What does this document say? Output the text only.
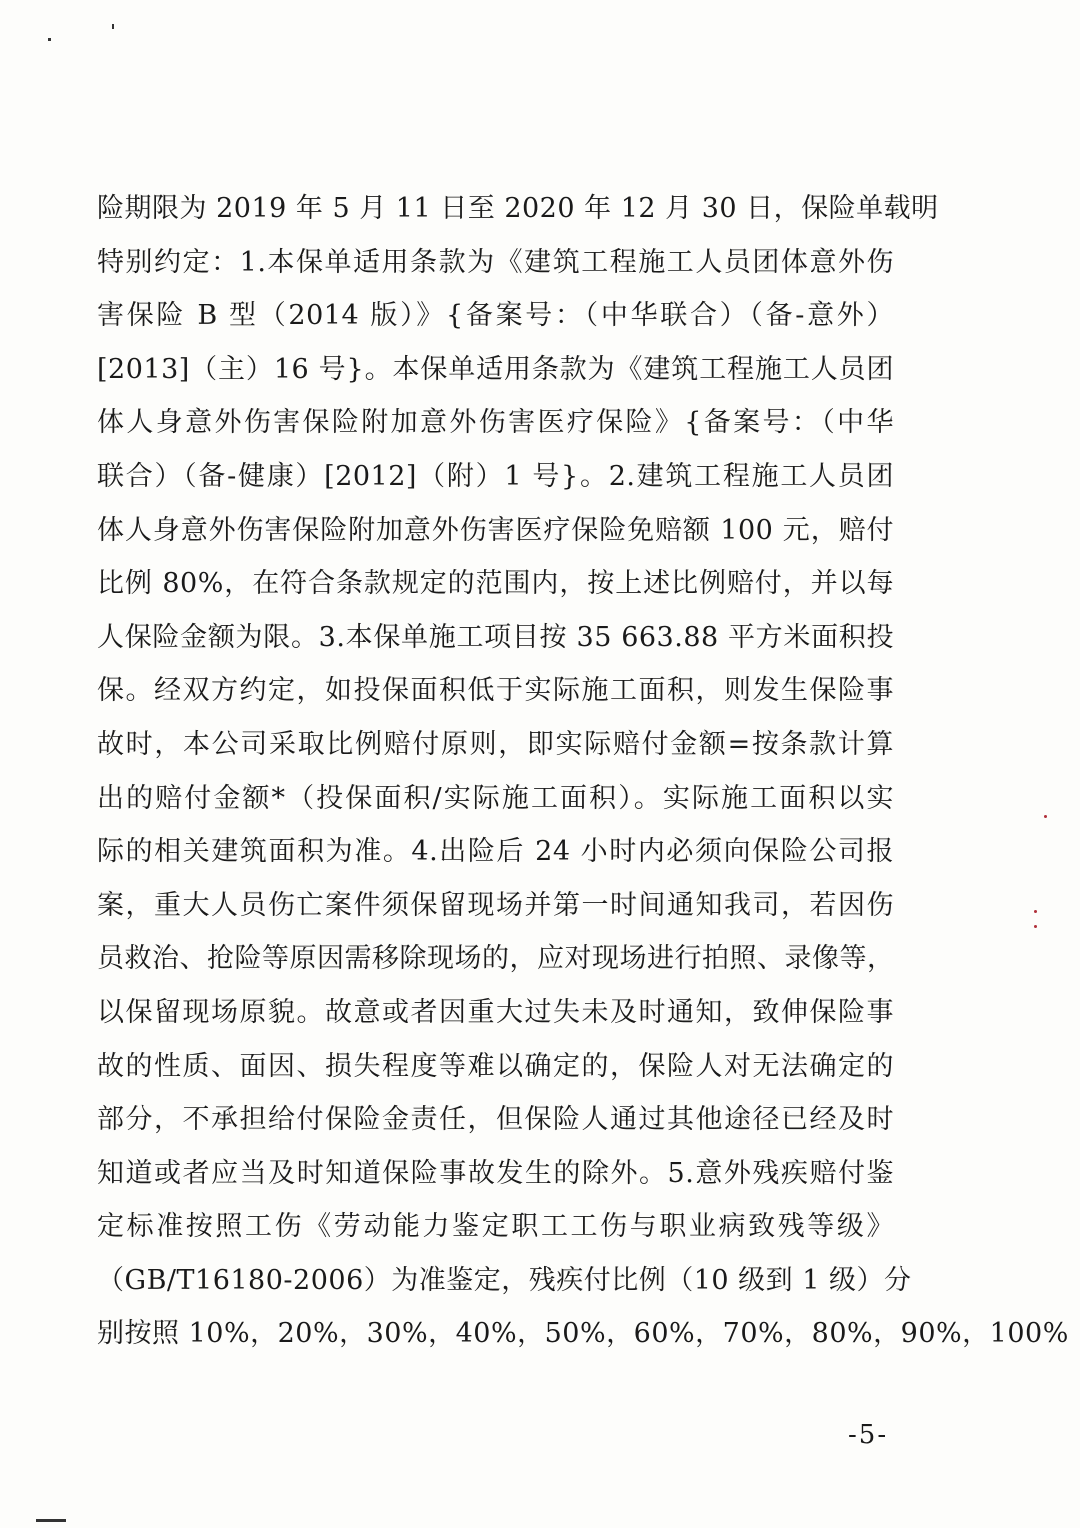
险期限为 2019 年 5 月 11 日至 2020 年 12 月 30 日，保险单载明
特别约定：1.本保单适用条款为《建筑工程施工人员团体意外伤
害保险 B 型（2014 版）》{备案号：（中华联合）（备-意外）
[2013]（主）16 号}。本保单适用条款为《建筑工程施工人员团
体人身意外伤害保险附加意外伤害医疗保险》{备案号：（中华
联合）（备-健康）[2012]（附）1 号}。2.建筑工程施工人员团
体人身意外伤害保险附加意外伤害医疗保险免赔额 100 元，赔付
比例 80%，在符合条款规定的范围内，按上述比例赔付，并以每
人保险金额为限。3.本保单施工项目按 35 663.88 平方米面积投
保。经双方约定，如投保面积低于实际施工面积，则发生保险事
故时，本公司采取比例赔付原则，即实际赔付金额=按条款计算
出的赔付金额*（投保面积/实际施工面积）。实际施工面积以实
际的相关建筑面积为准。4.出险后 24 小时内必须向保险公司报
案，重大人员伤亡案件须保留现场并第一时间通知我司，若因伤
员救治、抢险等原因需移除现场的，应对现场进行拍照、录像等，
以保留现场原貌。故意或者因重大过失未及时通知，致伸保险事
故的性质、面因、损失程度等难以确定的，保险人对无法确定的
部分，不承担给付保险金责任，但保险人通过其他途径已经及时
知道或者应当及时知道保险事故发生的除外。5.意外残疾赔付鉴
定标准按照工伤《劳动能力鉴定职工工伤与职业病致残等级》
（GB/T16180-2006）为准鉴定，残疾付比例（10 级到 1 级）分
别按照 10%，20%，30%，40%，50%，60%，70%，80%，90%，100%
-5-
